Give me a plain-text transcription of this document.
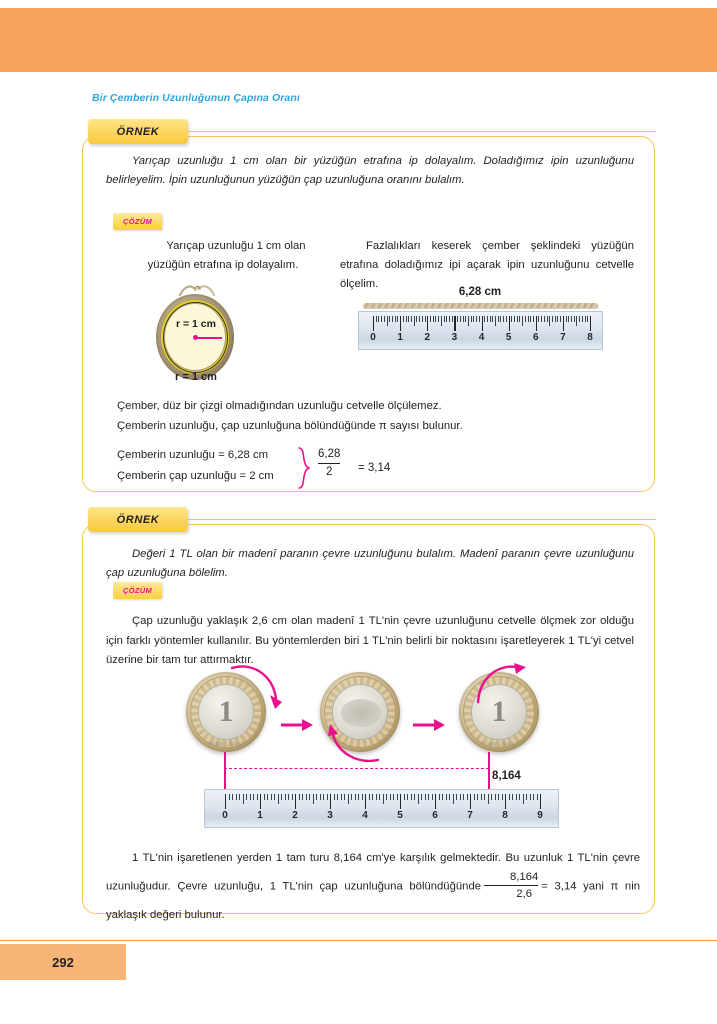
Bir Çemberin Uzunluğunun Çapına Oranı
ÖRNEK
Yarıçap uzunluğu 1 cm olan bir yüzüğün etrafına ip dolayalım. Doladığımız ipin uzunluğunu belirleyelim. İpin uzunluğunun yüzüğün çap uzunluğuna oranını bulalım.
ÇÖZÜM
Yarıçap uzunluğu 1 cm olan yüzüğün etrafına ip dolayalım.
Fazlalıkları keserek çember şeklindeki yüzüğün etrafına doladığımız ipi açarak ipin uzunluğunu cetvelle ölçelim.
r = 1 cm
r = 1 cm
6,28 cm
0 1 2 3 4 5 6 7 8
Çember, düz bir çizgi olmadığından uzunluğu cetvelle ölçülemez.
Çemberin uzunluğu, çap uzunluğuna bölündüğünde π sayısı bulunur.
Çemberin uzunluğu = 6,28 cm
Çemberin çap uzunluğu = 2 cm
6,28
2	= 3,14
ÖRNEK
Değeri 1 TL olan bir madenî paranın çevre uzunluğunu bulalım. Madenî paranın çevre uzunluğunu çap uzunluğuna bölelim.
ÇÖZÜM
Çap uzunluğu yaklaşık 2,6 cm olan madenî 1 TL'nin çevre uzunluğunu cetvelle ölçmek zor olduğu için farklı yöntemler kullanılır. Bu yöntemlerden biri 1 TL'nin belirli bir noktasını işaretleyerek 1 TL'yi cetvel üzerine bir tam tur attırmaktır.
1
TÜRK LİRASI
1
TÜRK LİRASI
8,164
0	1	2	3	4	5	6	7	8	9
1 TL'nin işaretlenen yerden 1 tam turu 8,164 cm'ye karşılık gelmektedir. Bu uzunluk 1 TL'nin çevre uzunluğudur. Çevre uzunluğu, 1 TL'nin çap uzunluğuna bölündüğünde $\frac{8,164}{2,6} = 3,14$ yani π nin yaklaşık değeri bulunur.
292
